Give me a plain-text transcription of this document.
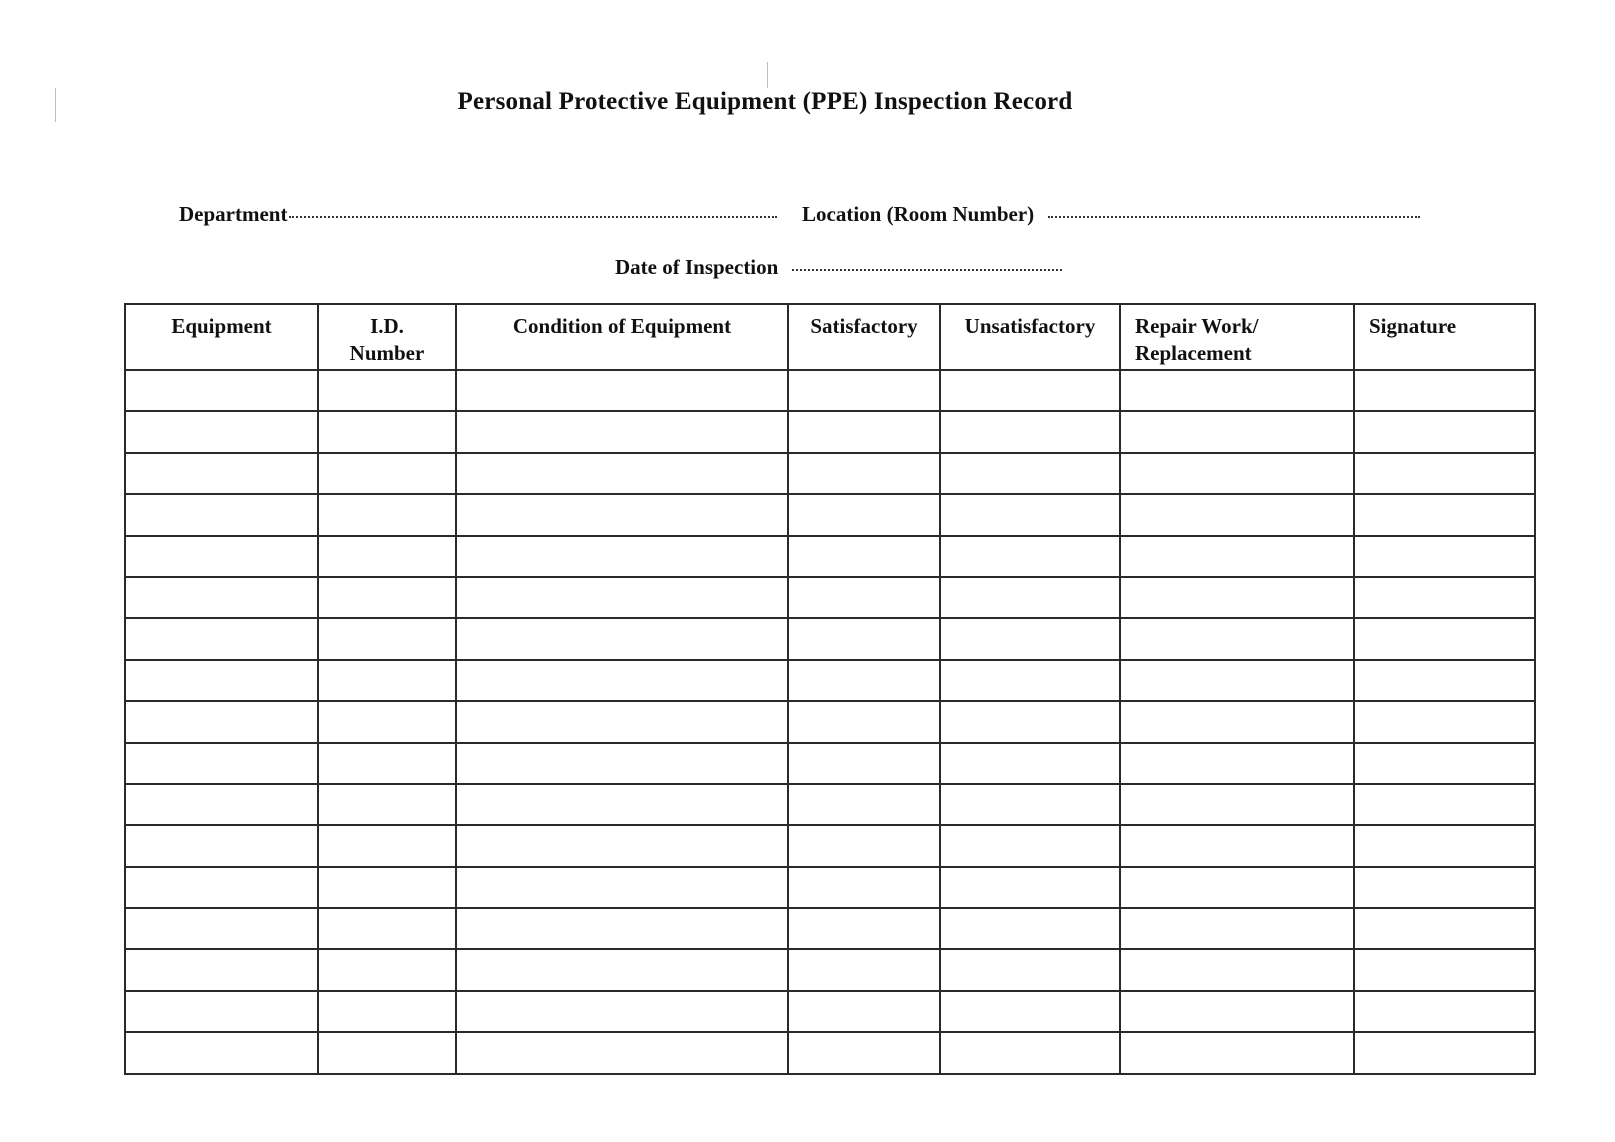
Personal Protective Equipment (PPE) Inspection Record
Department	Location (Room Number)
Date of Inspection
Equipment	I.D. Number	Condition of Equipment	Satisfactory	Unsatisfactory	Repair Work/ Replacement	Signature
